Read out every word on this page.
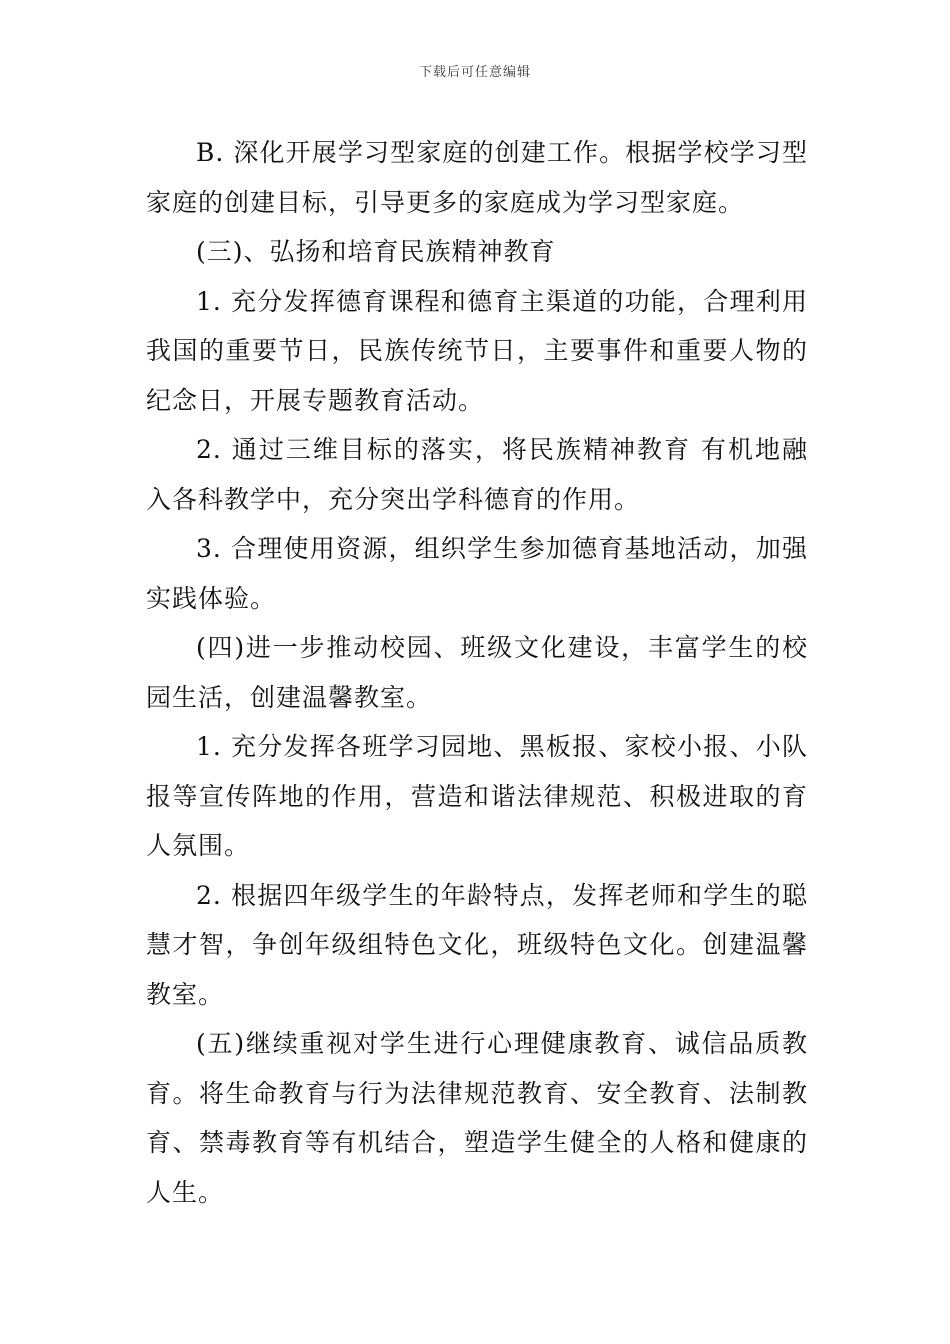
下载后可任意编辑

B. 深化开展学习型家庭的创建工作。根据学校学习型家庭的创建目标，引导更多的家庭成为学习型家庭。

(三)、弘扬和培育民族精神教育

1. 充分发挥德育课程和德育主渠道的功能，合理利用我国的重要节日，民族传统节日，主要事件和重要人物的纪念日，开展专题教育活动。

2. 通过三维目标的落实，将民族精神教育 有机地融入各科教学中，充分突出学科德育的作用。

3. 合理使用资源，组织学生参加德育基地活动，加强实践体验。

(四)进一步推动校园、班级文化建设，丰富学生的校园生活，创建温馨教室。

1. 充分发挥各班学习园地、黑板报、家校小报、小队报等宣传阵地的作用，营造和谐法律规范、积极进取的育人氛围。

2. 根据四年级学生的年龄特点，发挥老师和学生的聪慧才智，争创年级组特色文化，班级特色文化。创建温馨教室。

(五)继续重视对学生进行心理健康教育、诚信品质教育。将生命教育与行为法律规范教育、安全教育、法制教育、禁毒教育等有机结合，塑造学生健全的人格和健康的人生。
